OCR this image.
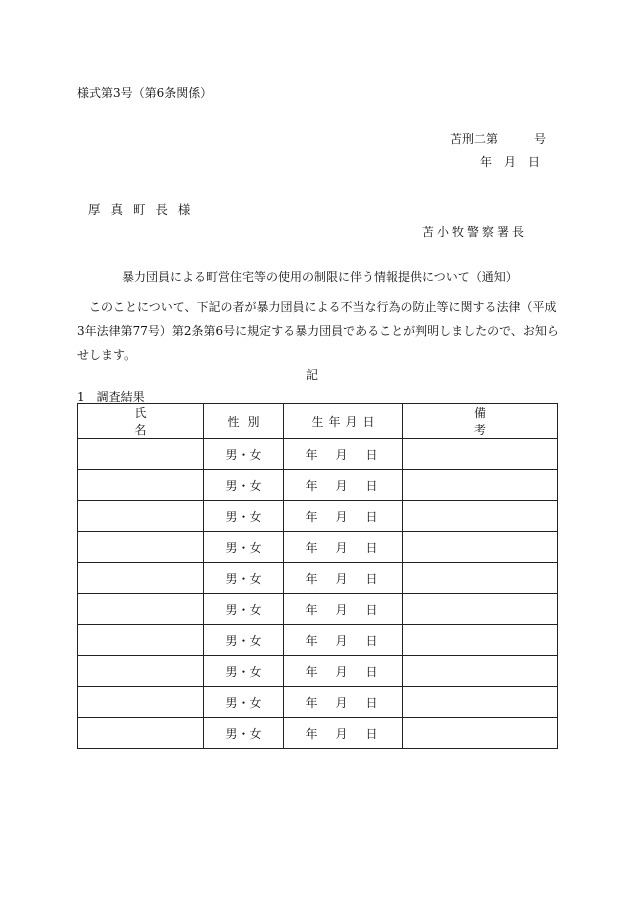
様式第3号（第6条関係）
苫刑二第　　　号
年　月　日
厚 真 町 長 様
苫小牧警察署長
暴力団員による町営住宅等の使用の制限に伴う情報提供について（通知）
このことについて、下記の者が暴力団員による不当な行為の防止等に関する法律（平成3年法律第77号）第2条第6号に規定する暴力団員であることが判明しましたので、お知らせします。
記
1　調査結果
氏名	性別	生年月日	備考
	男・女	年　月　日	
	男・女	年　月　日	
	男・女	年　月　日	
	男・女	年　月　日	
	男・女	年　月　日	
	男・女	年　月　日	
	男・女	年　月　日	
	男・女	年　月　日	
	男・女	年　月　日	
	男・女	年　月　日	
